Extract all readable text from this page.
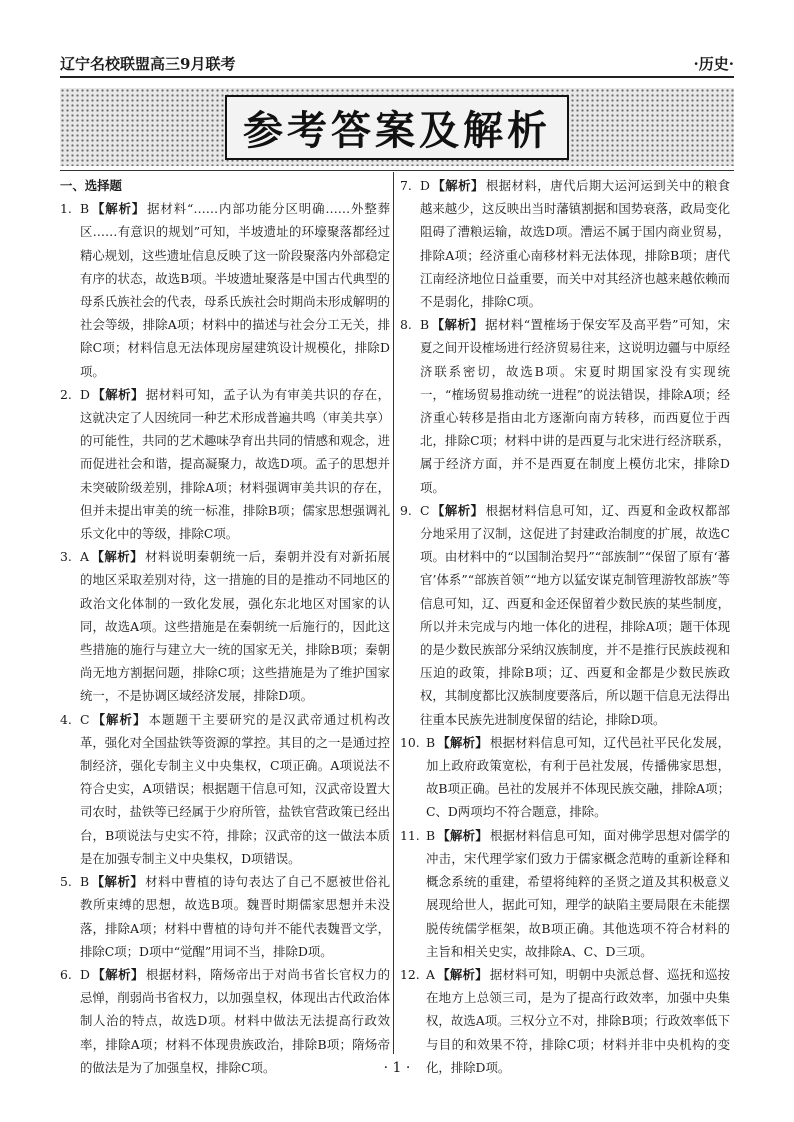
辽宁名校联盟高三9月联考	·历史·
参考答案及解析
一、选择题

1. B 【解析】 据材料“……内部功能分区明确……外整葬区……有意识的规划”可知，半坡遗址的环壕聚落都经过精心规划，这些遗址信息反映了这一阶段聚落内外部稳定有序的状态，故选B项。半坡遗址聚落是中国古代典型的母系氏族社会的代表，母系氏族社会时期尚未形成解明的社会等级，排除A项；材料中的描述与社会分工无关，排除C项；材料信息无法体现房屋建筑设计规模化，排除D项。

2. D 【解析】 据材料可知，孟子认为有审美共识的存在，这就决定了人因统同一种艺术形成普遍共鸣（审美共享）的可能性，共同的艺术趣味孕育出共同的情感和观念，进而促进社会和谐，提高凝聚力，故选D项。孟子的思想并未突破阶级差别，排除A项；材料强调审美共识的存在，但并未提出审美的统一标准，排除B项；儒家思想强调礼乐文化中的等级，排除C项。

3. A 【解析】 材料说明秦朝统一后，秦朝并没有对新拓展的地区采取差别对待，这一措施的目的是推动不同地区的政治文化体制的一致化发展，强化东北地区对国家的认同，故选A项。这些措施是在秦朝统一后施行的，因此这些措施的施行与建立大一统的国家无关，排除B项；秦朝尚无地方割据问题，排除C项；这些措施是为了维护国家统一，不是协调区域经济发展，排除D项。

4. C 【解析】 本题题干主要研究的是汉武帝通过机构改革，强化对全国盐铁等资源的掌控。其目的之一是通过控制经济，强化专制主义中央集权，C项正确。A项说法不符合史实，A项错误；根据题干信息可知，汉武帝设置大司农时，盐铁等已经属于少府所管，盐铁官营政策已经出台，B项说法与史实不符，排除；汉武帝的这一做法本质是在加强专制主义中央集权，D项错误。

5. B 【解析】 材料中曹植的诗句表达了自己不愿被世俗礼教所束缚的思想，故选B项。魏晋时期儒家思想并未没落，排除A项；材料中曹植的诗句并不能代表魏晋文学，排除C项；D项中“觉醒”用词不当，排除D项。

6. D 【解析】 根据材料，隋炀帝出于对尚书省长官权力的忌惮，削弱尚书省权力，以加强皇权，体现出古代政治体制人治的特点，故选D项。材料中做法无法提高行政效率，排除A项；材料不体现贵族政治，排除B项；隋炀帝的做法是为了加强皇权，排除C项。

7. D 【解析】 根据材料，唐代后期大运河运到关中的粮食越来越少，这反映出当时藩镇割据和国势衰落，政局变化阻碍了漕粮运输，故选D项。漕运不属于国内商业贸易，排除A项；经济重心南移材料无法体现，排除B项；唐代江南经济地位日益重要，而关中对其经济也越来越依赖而不是弱化，排除C项。

8. B 【解析】 据材料“置榷场于保安军及高平砦”可知，宋夏之间开设榷场进行经济贸易往来，这说明边疆与中原经济联系密切，故选B项。宋夏时期国家没有实现统一，“榷场贸易推动统一进程”的说法错误，排除A项；经济重心转移是指由北方逐渐向南方转移，而西夏位于西北，排除C项；材料中讲的是西夏与北宋进行经济联系，属于经济方面，并不是西夏在制度上模仿北宋，排除D项。

9. C 【解析】 根据材料信息可知，辽、西夏和金政权都部分地采用了汉制，这促进了封建政治制度的扩展，故选C项。由材料中的“以国制治契丹”“部族制”“保留了原有‘蕃官’体系”“部族首领”“地方以猛安谋克制管理游牧部族”等信息可知，辽、西夏和金还保留着少数民族的某些制度，所以并未完成与内地一体化的进程，排除A项；题干体现的是少数民族部分采纳汉族制度，并不是推行民族歧视和压迫的政策，排除B项；辽、西夏和金都是少数民族政权，其制度都比汉族制度要落后，所以题干信息无法得出往重本民族先进制度保留的结论，排除D项。

10. B 【解析】 根据材料信息可知，辽代邑社平民化发展，加上政府政策宽松，有利于邑社发展，传播佛家思想，故B项正确。邑社的发展并不体现民族交融，排除A项；C、D两项均不符合题意，排除。

11. B 【解析】 根据材料信息可知，面对佛学思想对儒学的冲击，宋代理学家们致力于儒家概念范畴的重新诠释和概念系统的重建，希望将纯粹的圣贤之道及其积极意义展现给世人，据此可知，理学的缺陷主要局限在未能摆脱传统儒学框架，故B项正确。其他选项不符合材料的主旨和相关史实，故排除A、C、D三项。

12. A 【解析】 据材料可知，明朝中央派总督、巡抚和巡按在地方上总领三司，是为了提高行政效率，加强中央集权，故选A项。三权分立不对，排除B项；行政效率低下与目的和效果不符，排除C项；材料并非中央机构的变化，排除D项。

· 1 ·
